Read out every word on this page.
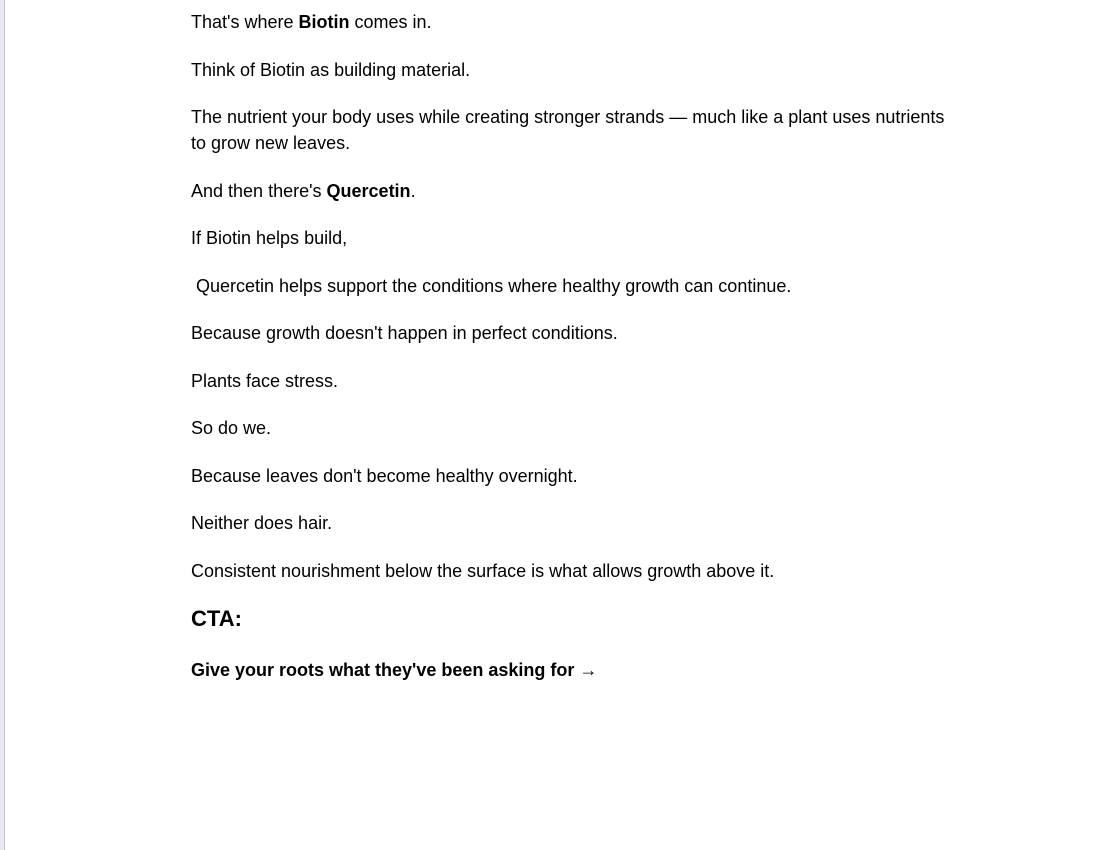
That's where Biotin comes in.

Think of Biotin as building material.

The nutrient your body uses while creating stronger strands — much like a plant uses nutrients to grow new leaves.

And then there's Quercetin.

If Biotin helps build,

Quercetin helps support the conditions where healthy growth can continue.

Because growth doesn't happen in perfect conditions.

Plants face stress.

So do we.

Because leaves don't become healthy overnight.

Neither does hair.

Consistent nourishment below the surface is what allows growth above it.

CTA:

Give your roots what they've been asking for →
